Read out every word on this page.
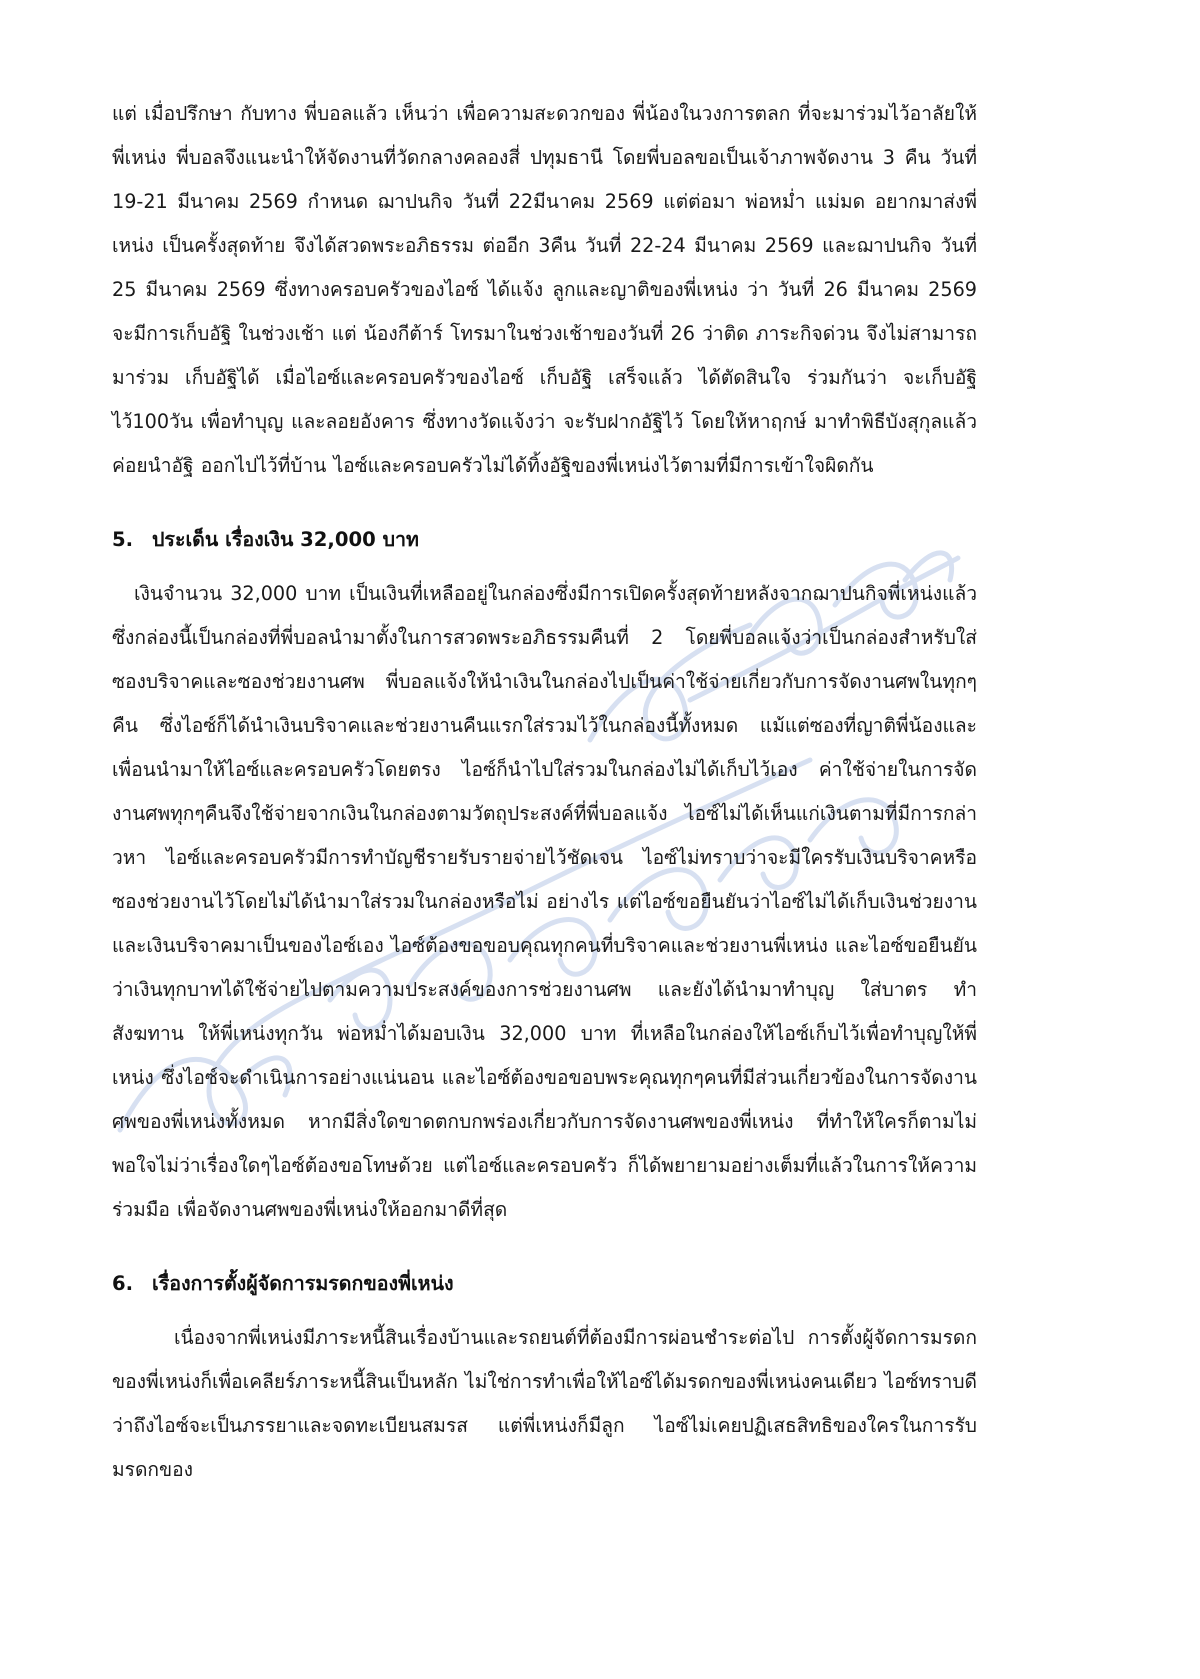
แต่ เมื่อปรึกษา กับทาง พี่บอลแล้ว เห็นว่า เพื่อความสะดวกของ พี่น้องในวงการตลก ที่จะมาร่วมไว้อาลัยให้พี่เหน่ง พี่บอลจึงแนะนำให้จัดงานที่วัดกลางคลองสี่ ปทุมธานี โดยพี่บอลขอเป็นเจ้าภาพจัดงาน 3 คืน วันที่ 19-21 มีนาคม 2569 กำหนด ฌาปนกิจ วันที่ 22มีนาคม 2569 แต่ต่อมา พ่อหม่ำ แม่มด อยากมาส่งพี่เหน่ง เป็นครั้งสุดท้าย จึงได้สวดพระอภิธรรม ต่ออีก 3คืน วันที่ 22-24 มีนาคม 2569 และฌาปนกิจ วันที่ 25 มีนาคม 2569 ซึ่งทางครอบครัวของไอซ์ ได้แจ้ง ลูกและญาติของพี่เหน่ง ว่า วันที่ 26 มีนาคม 2569 จะมีการเก็บอัฐิ ในช่วงเช้า แต่ น้องกีต้าร์ โทรมาในช่วงเช้าของวันที่ 26 ว่าติด ภาระกิจด่วน จึงไม่สามารถมาร่วม เก็บอัฐิได้ เมื่อไอซ์และครอบครัวของไอซ์ เก็บอัฐิ เสร็จแล้ว ได้ตัดสินใจ ร่วมกันว่า จะเก็บอัฐิ ไว้100วัน เพื่อทำบุญ และลอยอังคาร ซึ่งทางวัดแจ้งว่า จะรับฝากอัฐิไว้ โดยให้หาฤกษ์ มาทำพิธีบังสุกุลแล้วค่อยนำอัฐิ ออกไปไว้ที่บ้าน ไอซ์และครอบครัวไม่ได้ทิ้งอัฐิของพี่เหน่งไว้ตามที่มีการเข้าใจผิดกัน

5. ประเด็น เรื่องเงิน 32,000 บาท

เงินจำนวน 32,000 บาท เป็นเงินที่เหลืออยู่ในกล่องซึ่งมีการเปิดครั้งสุดท้ายหลังจากฌาปนกิจพี่เหน่งแล้ว ซึ่งกล่องนี้เป็นกล่องที่พี่บอลนำมาตั้งในการสวดพระอภิธรรมคืนที่ 2 โดยพี่บอลแจ้งว่าเป็นกล่องสำหรับใส่ซองบริจาคและซองช่วยงานศพ พี่บอลแจ้งให้นำเงินในกล่องไปเป็นค่าใช้จ่ายเกี่ยวกับการจัดงานศพในทุกๆคืน ซึ่งไอซ์ก็ได้นำเงินบริจาคและช่วยงานคืนแรกใส่รวมไว้ในกล่องนี้ทั้งหมด แม้แต่ซองที่ญาติพี่น้องและเพื่อนนำมาให้ไอซ์และครอบครัวโดยตรง ไอซ์ก็นำไปใส่รวมในกล่องไม่ได้เก็บไว้เอง ค่าใช้จ่ายในการจัดงานศพทุกๆคืนจึงใช้จ่ายจากเงินในกล่องตามวัตถุประสงค์ที่พี่บอลแจ้ง ไอซ์ไม่ได้เห็นแก่เงินตามที่มีการกล่าวหา ไอซ์และครอบครัวมีการทำบัญชีรายรับรายจ่ายไว้ชัดเจน ไอซ์ไม่ทราบว่าจะมีใครรับเงินบริจาคหรือซองช่วยงานไว้โดยไม่ได้นำมาใส่รวมในกล่องหรือไม่ อย่างไร แต่ไอซ์ขอยืนยันว่าไอซ์ไม่ได้เก็บเงินช่วยงานและเงินบริจาคมาเป็นของไอซ์เอง ไอซ์ต้องขอขอบคุณทุกคนที่บริจาคและช่วยงานพี่เหน่ง และไอซ์ขอยืนยันว่าเงินทุกบาทได้ใช้จ่ายไปตามความประสงค์ของการช่วยงานศพ และยังได้นำมาทำบุญ ใส่บาตร ทำสังฆทาน ให้พี่เหน่งทุกวัน พ่อหม่ำได้มอบเงิน 32,000 บาท ที่เหลือในกล่องให้ไอซ์เก็บไว้เพื่อทำบุญให้พี่เหน่ง ซึ่งไอซ์จะดำเนินการอย่างแน่นอน และไอซ์ต้องขอขอบพระคุณทุกๆคนที่มีส่วนเกี่ยวข้องในการจัดงานศพของพี่เหน่งทั้งหมด หากมีสิ่งใดขาดตกบกพร่องเกี่ยวกับการจัดงานศพของพี่เหน่ง ที่ทำให้ใครก็ตามไม่พอใจไม่ว่าเรื่องใดๆไอซ์ต้องขอโทษด้วย แต่ไอซ์และครอบครัว ก็ได้พยายามอย่างเต็มที่แล้วในการให้ความร่วมมือ เพื่อจัดงานศพของพี่เหน่งให้ออกมาดีที่สุด

6. เรื่องการตั้งผู้จัดการมรดกของพี่เหน่ง

เนื่องจากพี่เหน่งมีภาระหนี้สินเรื่องบ้านและรถยนต์ที่ต้องมีการผ่อนชำระต่อไป การตั้งผู้จัดการมรดกของพี่เหน่งก็เพื่อเคลียร์ภาระหนี้สินเป็นหลัก ไม่ใช่การทำเพื่อให้ไอซ์ได้มรดกของพี่เหน่งคนเดียว ไอซ์ทราบดีว่าถึงไอซ์จะเป็นภรรยาและจดทะเบียนสมรส แต่พี่เหน่งก็มีลูก ไอซ์ไม่เคยปฏิเสธสิทธิของใครในการรับมรดกของ
